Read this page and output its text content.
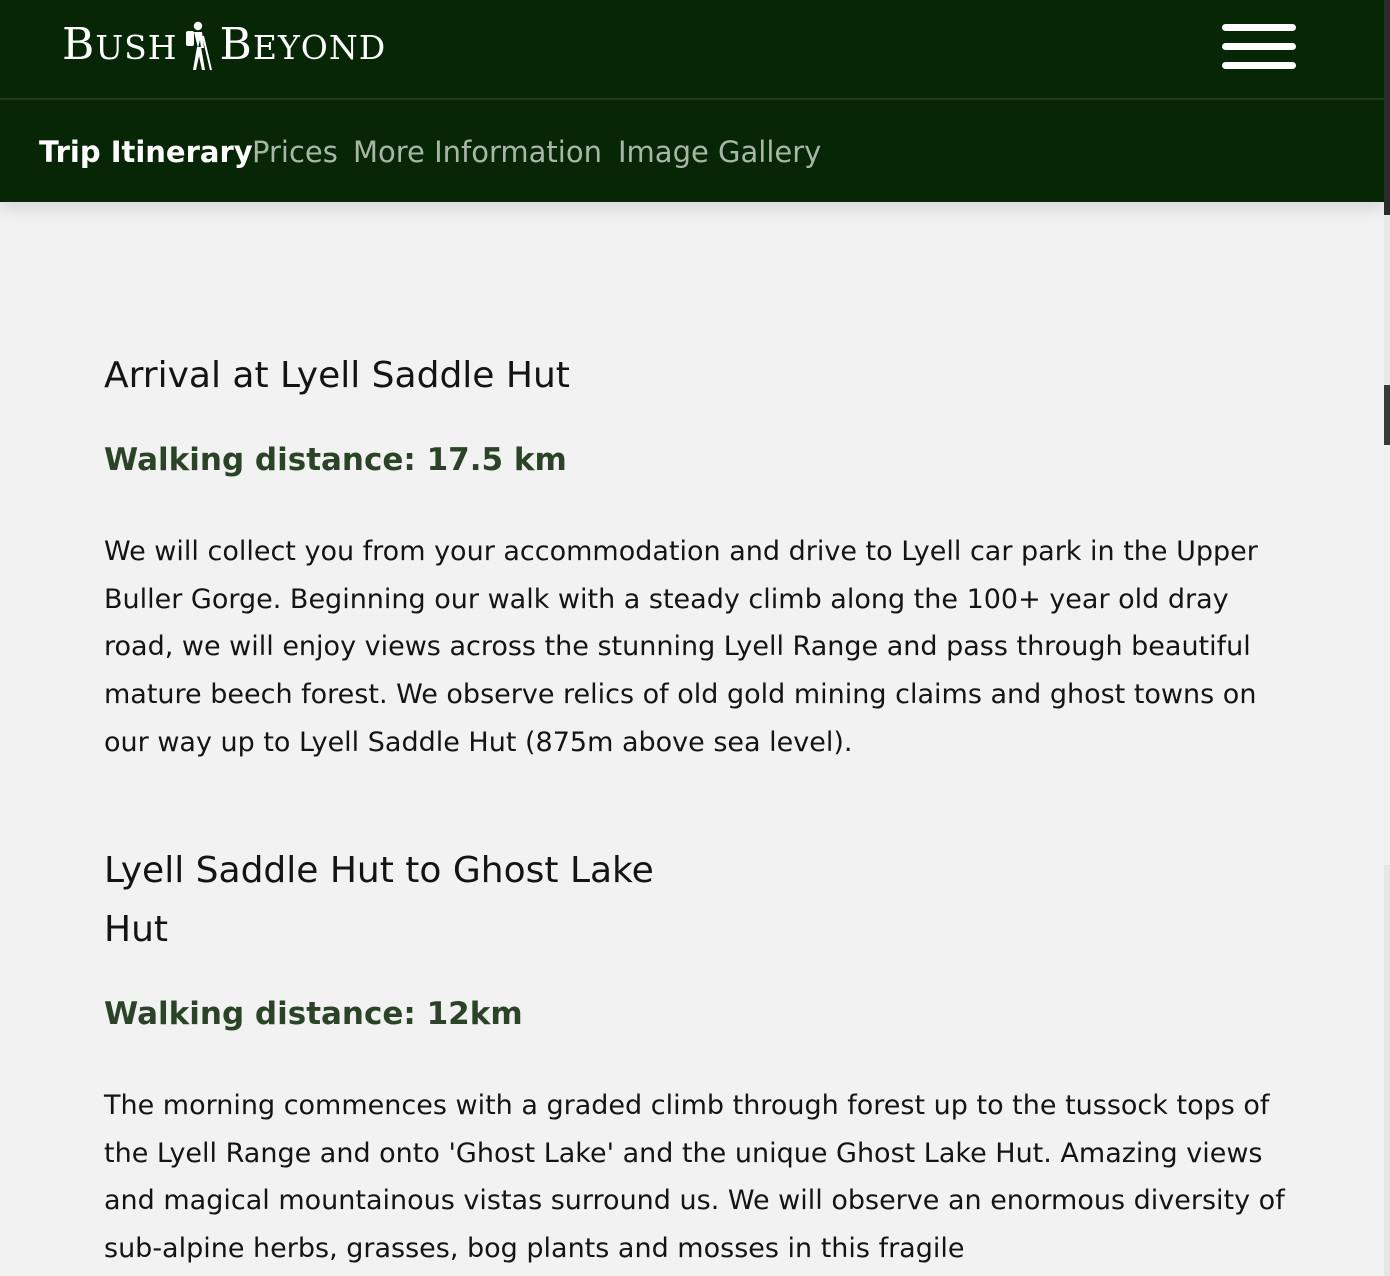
BUSH BEYOND
Trip Itinerary Prices More Information Image Gallery
Arrival at Lyell Saddle Hut
Walking distance: 17.5 km

We will collect you from your accommodation and drive to Lyell car park in the Upper Buller Gorge. Beginning our walk with a steady climb along the 100+ year old dray road, we will enjoy views across the stunning Lyell Range and pass through beautiful mature beech forest. We observe relics of old gold mining claims and ghost towns on our way up to Lyell Saddle Hut (875m above sea level).

Lyell Saddle Hut to Ghost Lake Hut
Walking distance: 12km

The morning commences with a graded climb through forest up to the tussock tops of the Lyell Range and onto 'Ghost Lake' and the unique Ghost Lake Hut. Amazing views and magical mountainous vistas surround us. We will observe an enormous diversity of sub-alpine herbs, grasses, bog plants and mosses in this fragile
